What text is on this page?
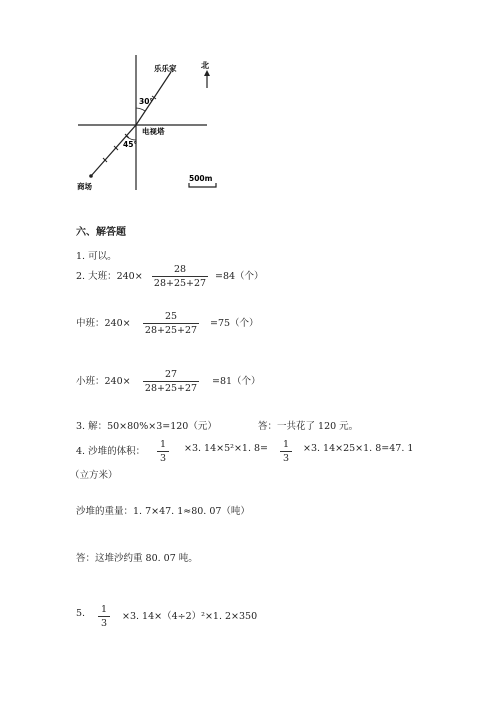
北
乐乐家
电视塔
商场
30°
45°
500m
六、解答题
1. 可以。
2. 大班：240×
28
28+25+27
=84（个）
中班：240×
25
28+25+27
=75（个）
小班：240×
27
28+25+27
=81（个）
3. 解：50×80%×3=120（元）	答：一共花了 120 元。
4. 沙堆的体积：
1
3
×3. 14×5²×1. 8=	1
3
×3. 14×25×1. 8=47. 1
（立方米）
沙堆的重量：1. 7×47. 1≈80. 07（吨）
答：这堆沙约重 80. 07 吨。
5.	1
3
×3. 14×（4÷2）²×1. 2×350
